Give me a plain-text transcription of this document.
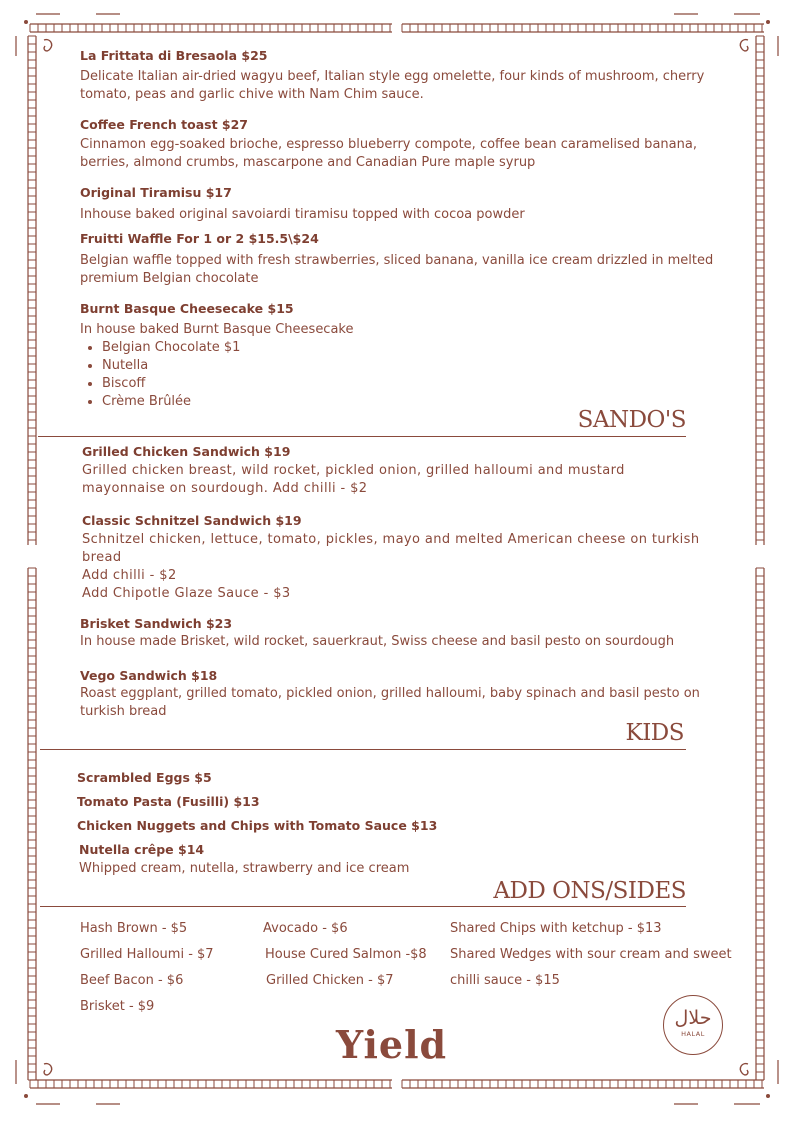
La Frittata di Bresaola $25
Delicate Italian air-dried wagyu beef, Italian style egg omelette, four kinds of mushroom, cherry tomato, peas and garlic chive with Nam Chim sauce.
Coffee French toast $27
Cinnamon egg-soaked brioche, espresso blueberry compote, coffee bean caramelised banana, berries, almond crumbs, mascarpone and Canadian Pure maple syrup
Original Tiramisu $17
Inhouse baked original savoiardi tiramisu topped with cocoa powder
Fruitti Waffle For 1 or 2 $15.5\$24
Belgian waffle topped with fresh strawberries, sliced banana, vanilla ice cream drizzled in melted premium Belgian chocolate
Burnt Basque Cheesecake $15
In house baked Burnt Basque Cheesecake
• Belgian Chocolate $1
• Nutella
• Biscoff
• Crème Brûlée
SANDO'S
Grilled Chicken Sandwich $19
Grilled chicken breast, wild rocket, pickled onion, grilled halloumi and mustard mayonnaise on sourdough. Add chilli - $2
Classic Schnitzel Sandwich $19
Schnitzel chicken, lettuce, tomato, pickles, mayo and melted American cheese on turkish bread
Add chilli - $2
Add Chipotle Glaze Sauce - $3
Brisket Sandwich $23
In house made Brisket, wild rocket, sauerkraut, Swiss cheese and basil pesto on sourdough
Vego Sandwich $18
Roast eggplant, grilled tomato, pickled onion, grilled halloumi, baby spinach and basil pesto on turkish bread
KIDS
Scrambled Eggs $5
Tomato Pasta (Fusilli) $13
Chicken Nuggets and Chips with Tomato Sauce $13
Nutella crêpe $14
Whipped cream, nutella, strawberry and ice cream
ADD ONS/SIDES
Hash Brown - $5
Grilled Halloumi - $7
Beef Bacon - $6
Brisket - $9
Avocado - $6
House Cured Salmon -$8
Grilled Chicken - $7
Shared Chips with ketchup - $13
Shared Wedges with sour cream and sweet
chilli sauce - $15
حلال
HALAL
Yield
